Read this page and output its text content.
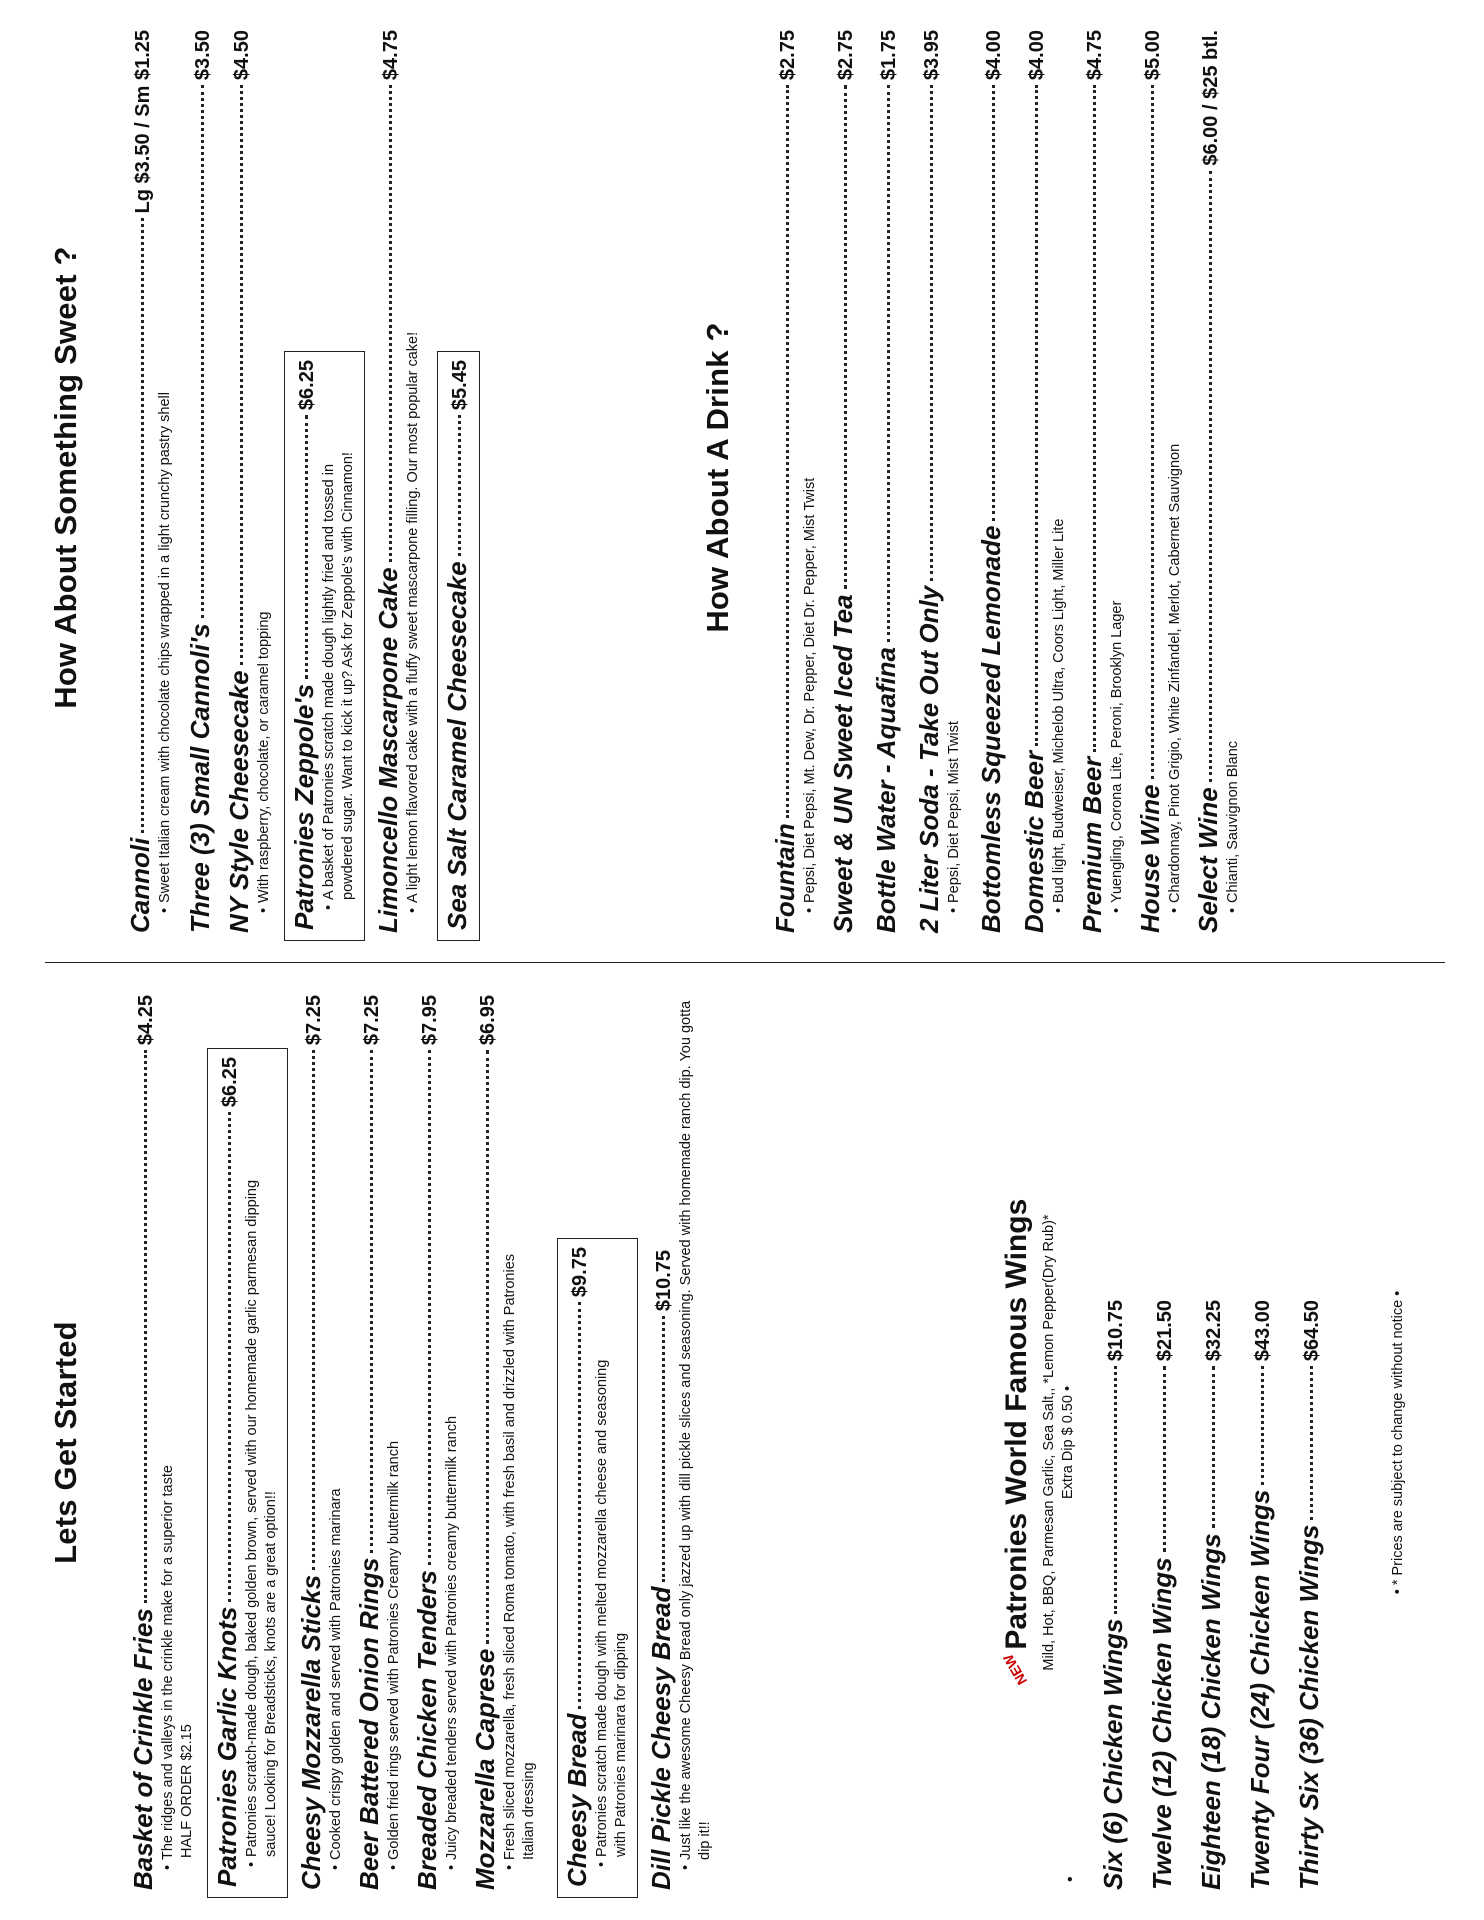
Lets Get Started
Basket of Crinkle Fries
$4.25
• The ridges and valleys in the crinkle make for a superior taste HALF ORDER $2.15 Patronies Garlic Knots
$6.25
• Patronies scratch-made dough, baked golden brown, served with our homemade garlic parmesan dipping sauce! Looking for Breadsticks, knots are a great option!! Cheesy Mozzarella Sticks
$7.25
• Cooked crispy golden and served with Patronies marinara Beer Battered Onion Rings
$7.25
• Golden fried rings served with Patronies Creamy buttermilk ranch Breaded Chicken Tenders
$7.95
• Juicy breaded tenders served with Patronies creamy buttermilk ranch Mozzarella Caprese
$6.95
• Fresh sliced mozzarella, fresh sliced Roma tomato, with fresh basil and drizzled with Patronies Italian dressing Cheesy Bread
$9.75
• Patronies scratch made dough with melted mozzarella cheese and seasoning with Patronies marinara for dipping Dill Pickle Cheesy Bread
$10.75
• Just like the awesome Cheesy Bread only jazzed up with dill pickle slices and seasoning. Served with homemade ranch dip. You gotta dip it!!
NEWPatronies World Famous Wings
•
Mild, Hot, BBQ, Parmesan Garlic, Sea Salt,, *Lemon Pepper(Dry Rub)* Extra Dip $ 0.50 •
Six (6) Chicken Wings
$10.75
Twelve (12) Chicken Wings
$21.50
Eighteen (18) Chicken Wings
$32.25
Twenty Four (24) Chicken Wings
$43.00
Thirty Six (36) Chicken Wings
$64.50	• * Prices are subject to change without notice •
How About Something Sweet ?
Cannoli
Lg $3.50 / Sm $1.25
• Sweet Italian cream with chocolate chips wrapped in a light crunchy pastry shell Three (3) Small Cannoli's
$3.50
NY Style Cheesecake
$4.50
• With raspberry, chocolate, or caramel topping Patronies Zeppole's
$6.25
• A basket of Patronies scratch made dough lightly fried and tossed in powdered sugar. Want to kick it up? Ask for Zeppole's with Cinnamon! Limoncello Mascarpone Cake
$4.75
• A light lemon flavored cake with a fluffy sweet mascarpone filling. Our most popular cake! Sea Salt Caramel Cheesecake
$5.45	How About A Drink ?
Fountain
$2.75
• Pepsi, Diet Pepsi, Mt. Dew, Dr. Pepper, Diet Dr. Pepper, Mist Twist Sweet & UN Sweet Iced Tea
$2.75
Bottle Water - Aquafina
$1.75
2 Liter Soda - Take Out Only
$3.95
• Pepsi, Diet Pepsi, Mist Twist Bottomless Squeezed Lemonade
$4.00
Domestic Beer
$4.00
• Bud light, Budweiser, Michelob Ultra, Coors Light, Miller Lite Premium Beer
$4.75
• Yuengling, Corona Lite, Peroni, Brooklyn Lager House Wine
$5.00
• Chardonnay, Pinot Grigio, White Zinfandel, Merlot, Cabernet Sauvignon Select Wine
$6.00 / $25 btl.
• Chianti, Sauvignon Blanc
